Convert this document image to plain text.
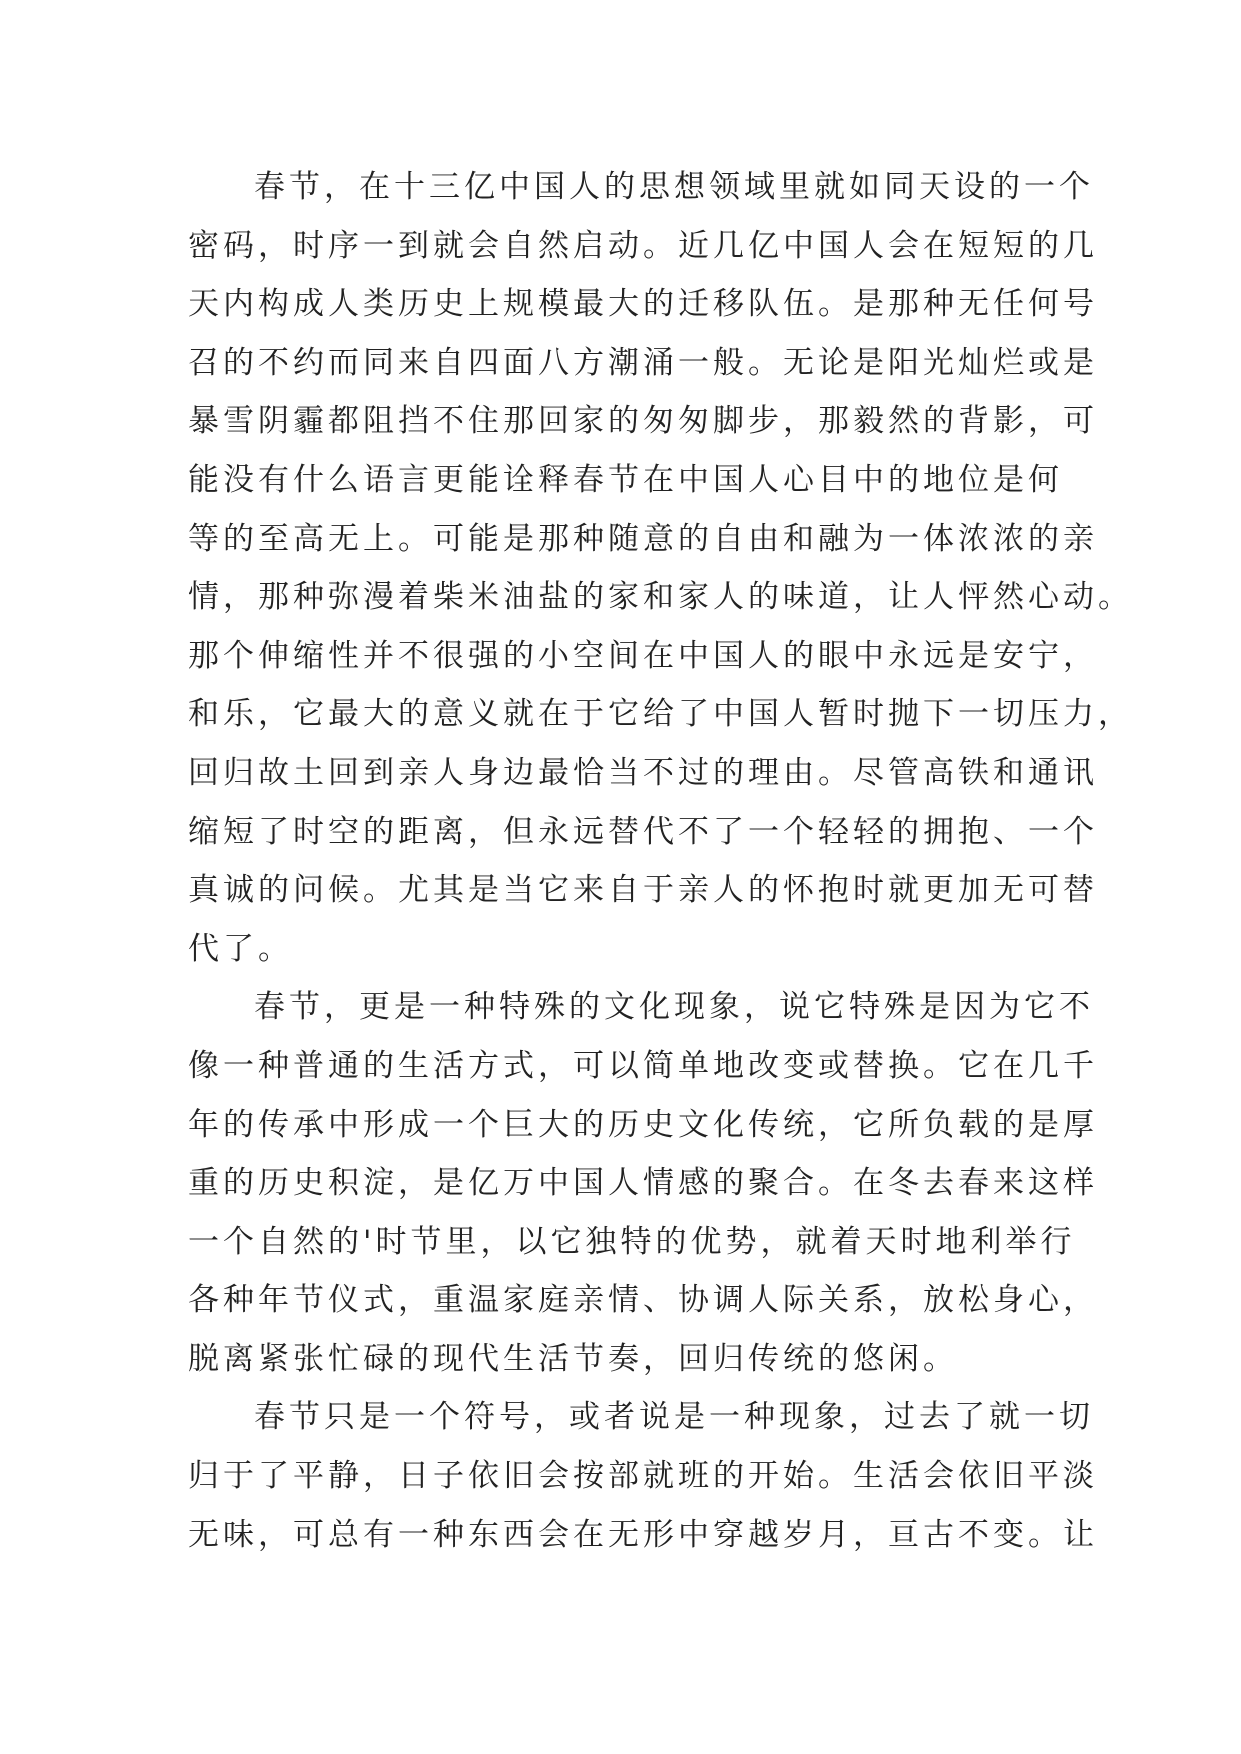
春节，在十三亿中国人的思想领域里就如同天设的一个
密码，时序一到就会自然启动。近几亿中国人会在短短的几
天内构成人类历史上规模最大的迁移队伍。是那种无任何号
召的不约而同来自四面八方潮涌一般。无论是阳光灿烂或是
暴雪阴霾都阻挡不住那回家的匆匆脚步，那毅然的背影，可
能没有什么语言更能诠释春节在中国人心目中的地位是何
等的至高无上。可能是那种随意的自由和融为一体浓浓的亲
情，那种弥漫着柴米油盐的家和家人的味道，让人怦然心动。
那个伸缩性并不很强的小空间在中国人的眼中永远是安宁，
和乐，它最大的意义就在于它给了中国人暂时抛下一切压力，
回归故土回到亲人身边最恰当不过的理由。尽管高铁和通讯
缩短了时空的距离，但永远替代不了一个轻轻的拥抱、一个
真诚的问候。尤其是当它来自于亲人的怀抱时就更加无可替
代了。
春节，更是一种特殊的文化现象，说它特殊是因为它不
像一种普通的生活方式，可以简单地改变或替换。它在几千
年的传承中形成一个巨大的历史文化传统，它所负载的是厚
重的历史积淀，是亿万中国人情感的聚合。在冬去春来这样
一个自然的'时节里，以它独特的优势，就着天时地利举行
各种年节仪式，重温家庭亲情、协调人际关系，放松身心，
脱离紧张忙碌的现代生活节奏，回归传统的悠闲。
春节只是一个符号，或者说是一种现象，过去了就一切
归于了平静，日子依旧会按部就班的开始。生活会依旧平淡
无味，可总有一种东西会在无形中穿越岁月，亘古不变。让
